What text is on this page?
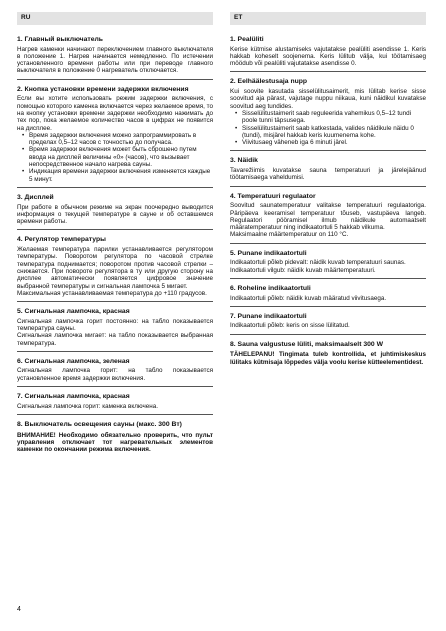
RU	ET
1. Главный выключатель

Нагрев каменки начинают переключением главного выключателя в положение 1. Нагрев начинается немедленно. По истечении установленного времени работы или при переводе главного выключателя в положение 0 нагреватель отключается.

2. Кнопка установки времени задержки включения

Если вы хотите использовать режим задержки включения, с помощью которого каменка включается через желаемое время, то на кнопку установки времени задержки необходимо нажимать до тех пор, пока желаемое количество часов в цифрах не появится на дисплее.

• Время задержки включения можно запрограммировать в пределах 0,5–12 часов с точностью до получаса.
• Время задержки включения может быть сброшено путем ввода на дисплей величины «0» (часов), что вызывает непосредственное начало нагрева сауны.
• Индикация времени задержки включения изменяется каждые 5 минут.
3. Дисплей

При работе в обычном режиме на экран поочередно выводится информация о текущей температуре в сауне и об оставшемся времени работы.

4. Регулятор температуры

Желаемая температура парилки устанавливается регулятором температуры. Поворотом регулятора по часовой стрелке температура поднимается; поворотом против часовой стрелки – снижается. При повороте регулятора в ту или другую сторону на дисплее автоматически появляется цифровое значение выбранной температуры и сигнальная лампочка 5 мигает.

Максимальная устанавливаемая температура до +110 градусов.

5. Сигнальная лампочка, красная

Сигнальная лампочка горит постоянно: на табло показывается температура сауны.

Сигнальная лампочка мигает: на табло показывается выбранная температура.

6. Сигнальная лампочка, зеленая

Сигнальная лампочка горит: на табло показывается установленное время задержки включения.

7. Сигнальная лампочка, красная

Сигнальная лампочка горит: каменка включена.

8. Выключатель освещения сауны (макс. 300 Вт)

ВНИМАНИЕ! Необходимо обязательно проверить, что пульт управления отключает тот нагревательных элементов каменки по окончании режима включения.

1. Pealüliti

Kerise kütmise alustamiseks vajutatakse pealüliti asendisse 1. Keris hakkab koheselt soojenema. Keris lülitub välja, kui töötamisaeg möödub või pealüliti vajutatakse asendisse 0.

2. Eelhäälestusaja nupp

Kui soovite kasutada sisselülitusaimerit, mis lülitab kerise sisse soovitud aja pärast, vajutage nuppu niikaua, kuni näidikul kuvatakse soovitud aeg tundides.

• Sisselülitustaimerit saab reguleerida vahemikus 0,5–12 tundi poole tunni täpsusega.
• Sisselülitustaimerit saab katkestada, valides näidikule näidu 0 (tundi), misjärel hakkab keris kuumenema kohe.
• Viivitusaeg väheneb iga 6 minuti järel.
3. Näidik

Tavarežiimis kuvatakse sauna temperatuuri ja järelejäänud töötamisaega vaheldumisi.

4. Temperatuuri regulaator

Soovitud saunatemperatuur valitakse temperatuuri regulaatoriga. Päripäeva keeramisel temperatuur tõuseb, vastupäeva langeb. Regulaatori pööramisel ilmub näidikule automaatselt määratemperatuur ning indikaatortuli 5 hakkab vilkuma.

Maksimaalne määrtemperatuur on 110 °C.

5. Punane indikaatortuli

Indikaatortuli põleb pidevalt: näidik kuvab temperatuuri saunas.

Indikaatortuli vilgub: näidik kuvab määrtemperatuuri.

6. Roheline indikaatortuli

Indikaatortuli põleb: näidik kuvab määratud viivitusaega.

7. Punane indikaatortuli

Indikaatortuli põleb: keris on sisse lülitatud.

8. Sauna valgustuse lüliti, maksimaalselt 300 W

TÄHELEPANU! Tingimata tuleb kontrollida, et juhtimiskeskus lülitaks kütmisaja lõppedes välja voolu kerise kütteelementidest.

4
